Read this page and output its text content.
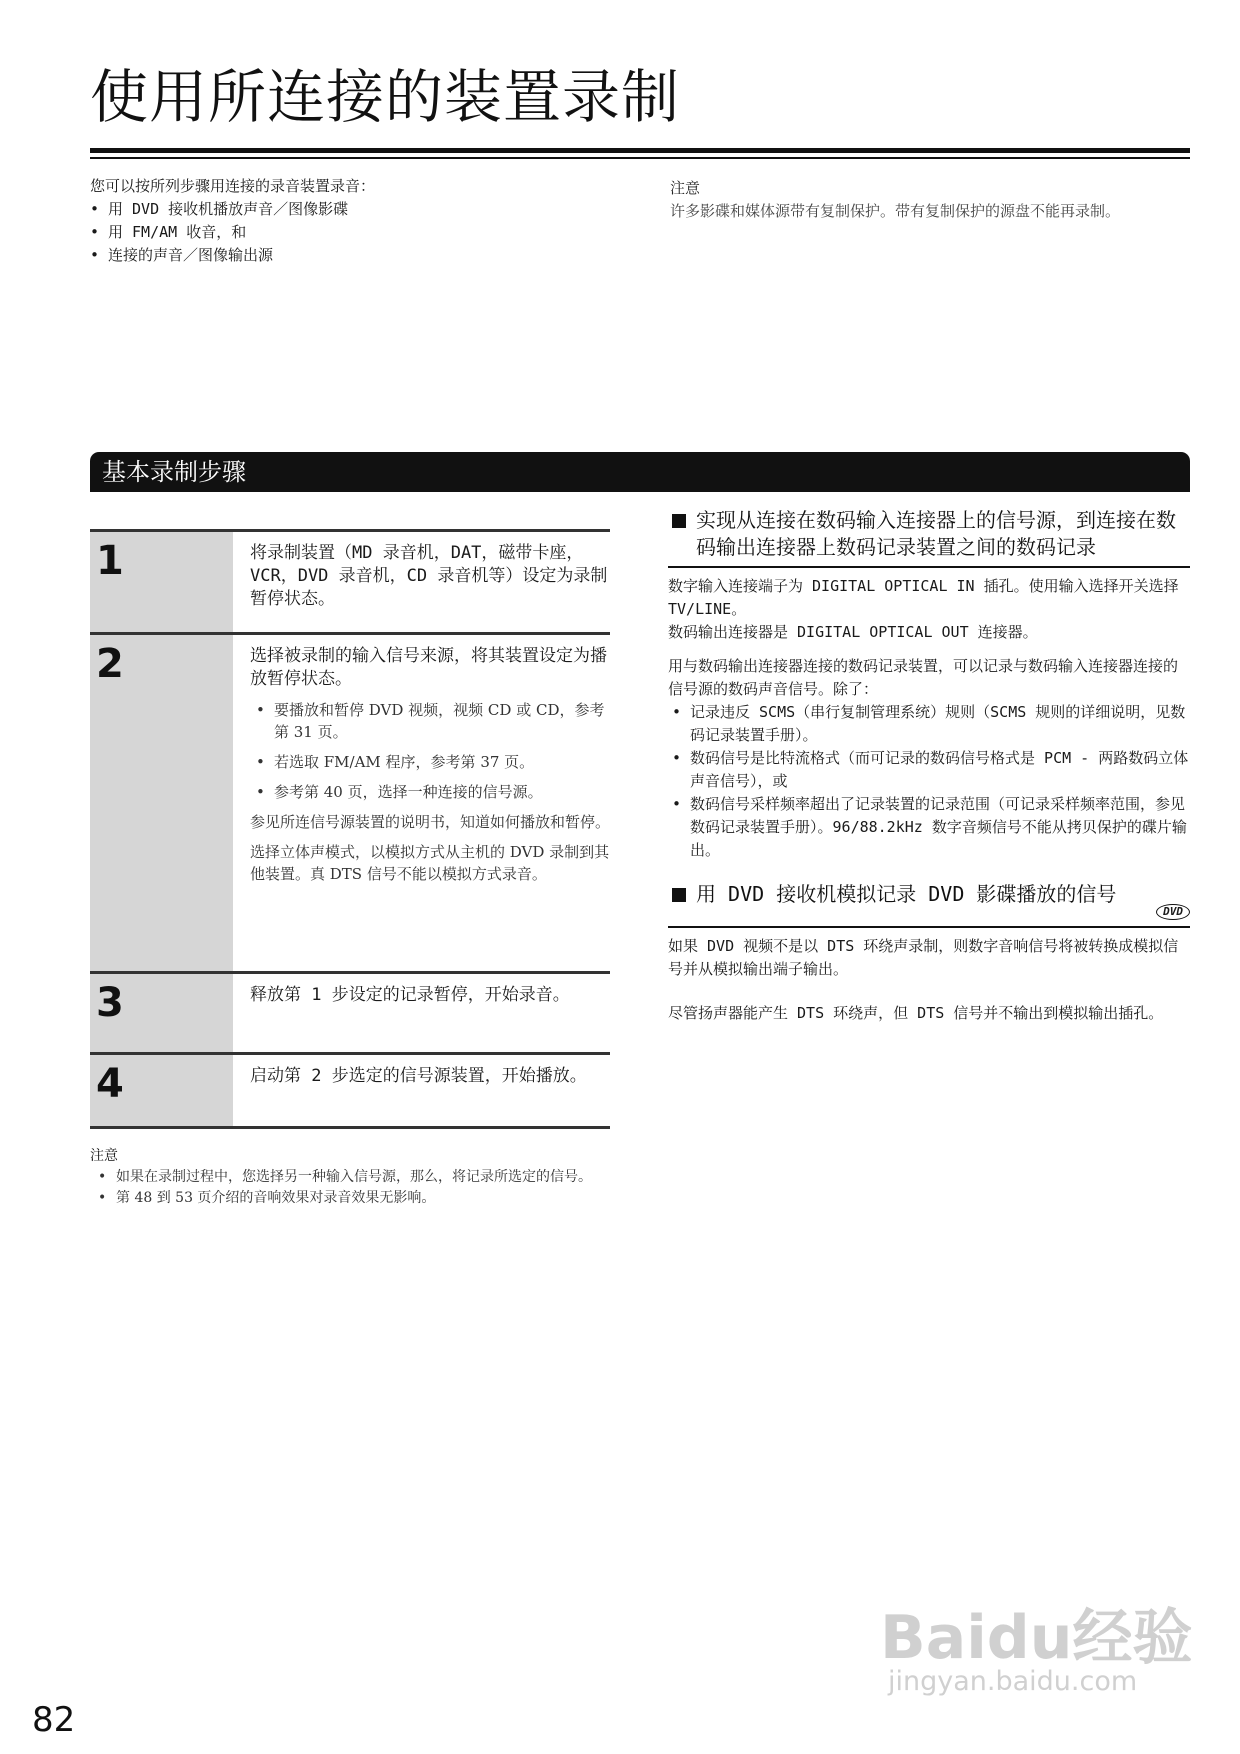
使用所连接的装置录制
您可以按所列步骤用连接的录音装置录音：
• 用 DVD 接收机播放声音／图像影碟
• 用 FM/AM 收音，和
• 连接的声音／图像输出源
注意
许多影碟和媒体源带有复制保护。带有复制保护的源盘不能再录制。
基本录制步骤
1	将录制装置（MD 录音机，DAT，磁带卡座，VCR，DVD 录音机，CD 录音机等）设定为录制暂停状态。
2	选择被录制的输入信号来源，将其装置设定为播放暂停状态。
• 要播放和暂停 DVD 视频，视频 CD 或 CD，参考第 31 页。
• 若选取 FM/AM 程序，参考第 37 页。
• 参考第 40 页，选择一种连接的信号源。
参见所连信号源装置的说明书，知道如何播放和暂停。
选择立体声模式，以模拟方式从主机的 DVD 录制到其他装置。真 DTS 信号不能以模拟方式录音。
3	释放第 1 步设定的记录暂停，开始录音。
4	启动第 2 步选定的信号源装置，开始播放。
注意
• 如果在录制过程中，您选择另一种输入信号源，那么，将记录所选定的信号。
• 第 48 到 53 页介绍的音响效果对录音效果无影响。
实现从连接在数码输入连接器上的信号源，到连接在数码输出连接器上数码记录装置之间的数码记录
数字输入连接端子为 DIGITAL OPTICAL IN 插孔。使用输入选择开关选择 TV/LINE。
数码输出连接器是 DIGITAL OPTICAL OUT 连接器。
用与数码输出连接器连接的数码记录装置，可以记录与数码输入连接器连接的信号源的数码声音信号。除了：
• 记录违反 SCMS（串行复制管理系统）规则（SCMS 规则的详细说明，见数码记录装置手册）。
• 数码信号是比特流格式（而可记录的数码信号格式是 PCM - 两路数码立体声音信号），或
• 数码信号采样频率超出了记录装置的记录范围（可记录采样频率范围，参见数码记录装置手册）。96/88.2kHz 数字音频信号不能从拷贝保护的碟片输出。
用 DVD 接收机模拟记录 DVD 影碟播放的信号
DVD
如果 DVD 视频不是以 DTS 环绕声录制，则数字音响信号将被转换成模拟信号并从模拟输出端子输出。
尽管扬声器能产生 DTS 环绕声，但 DTS 信号并不输出到模拟输出插孔。
82
Baidu经验
jingyan.baidu.com
